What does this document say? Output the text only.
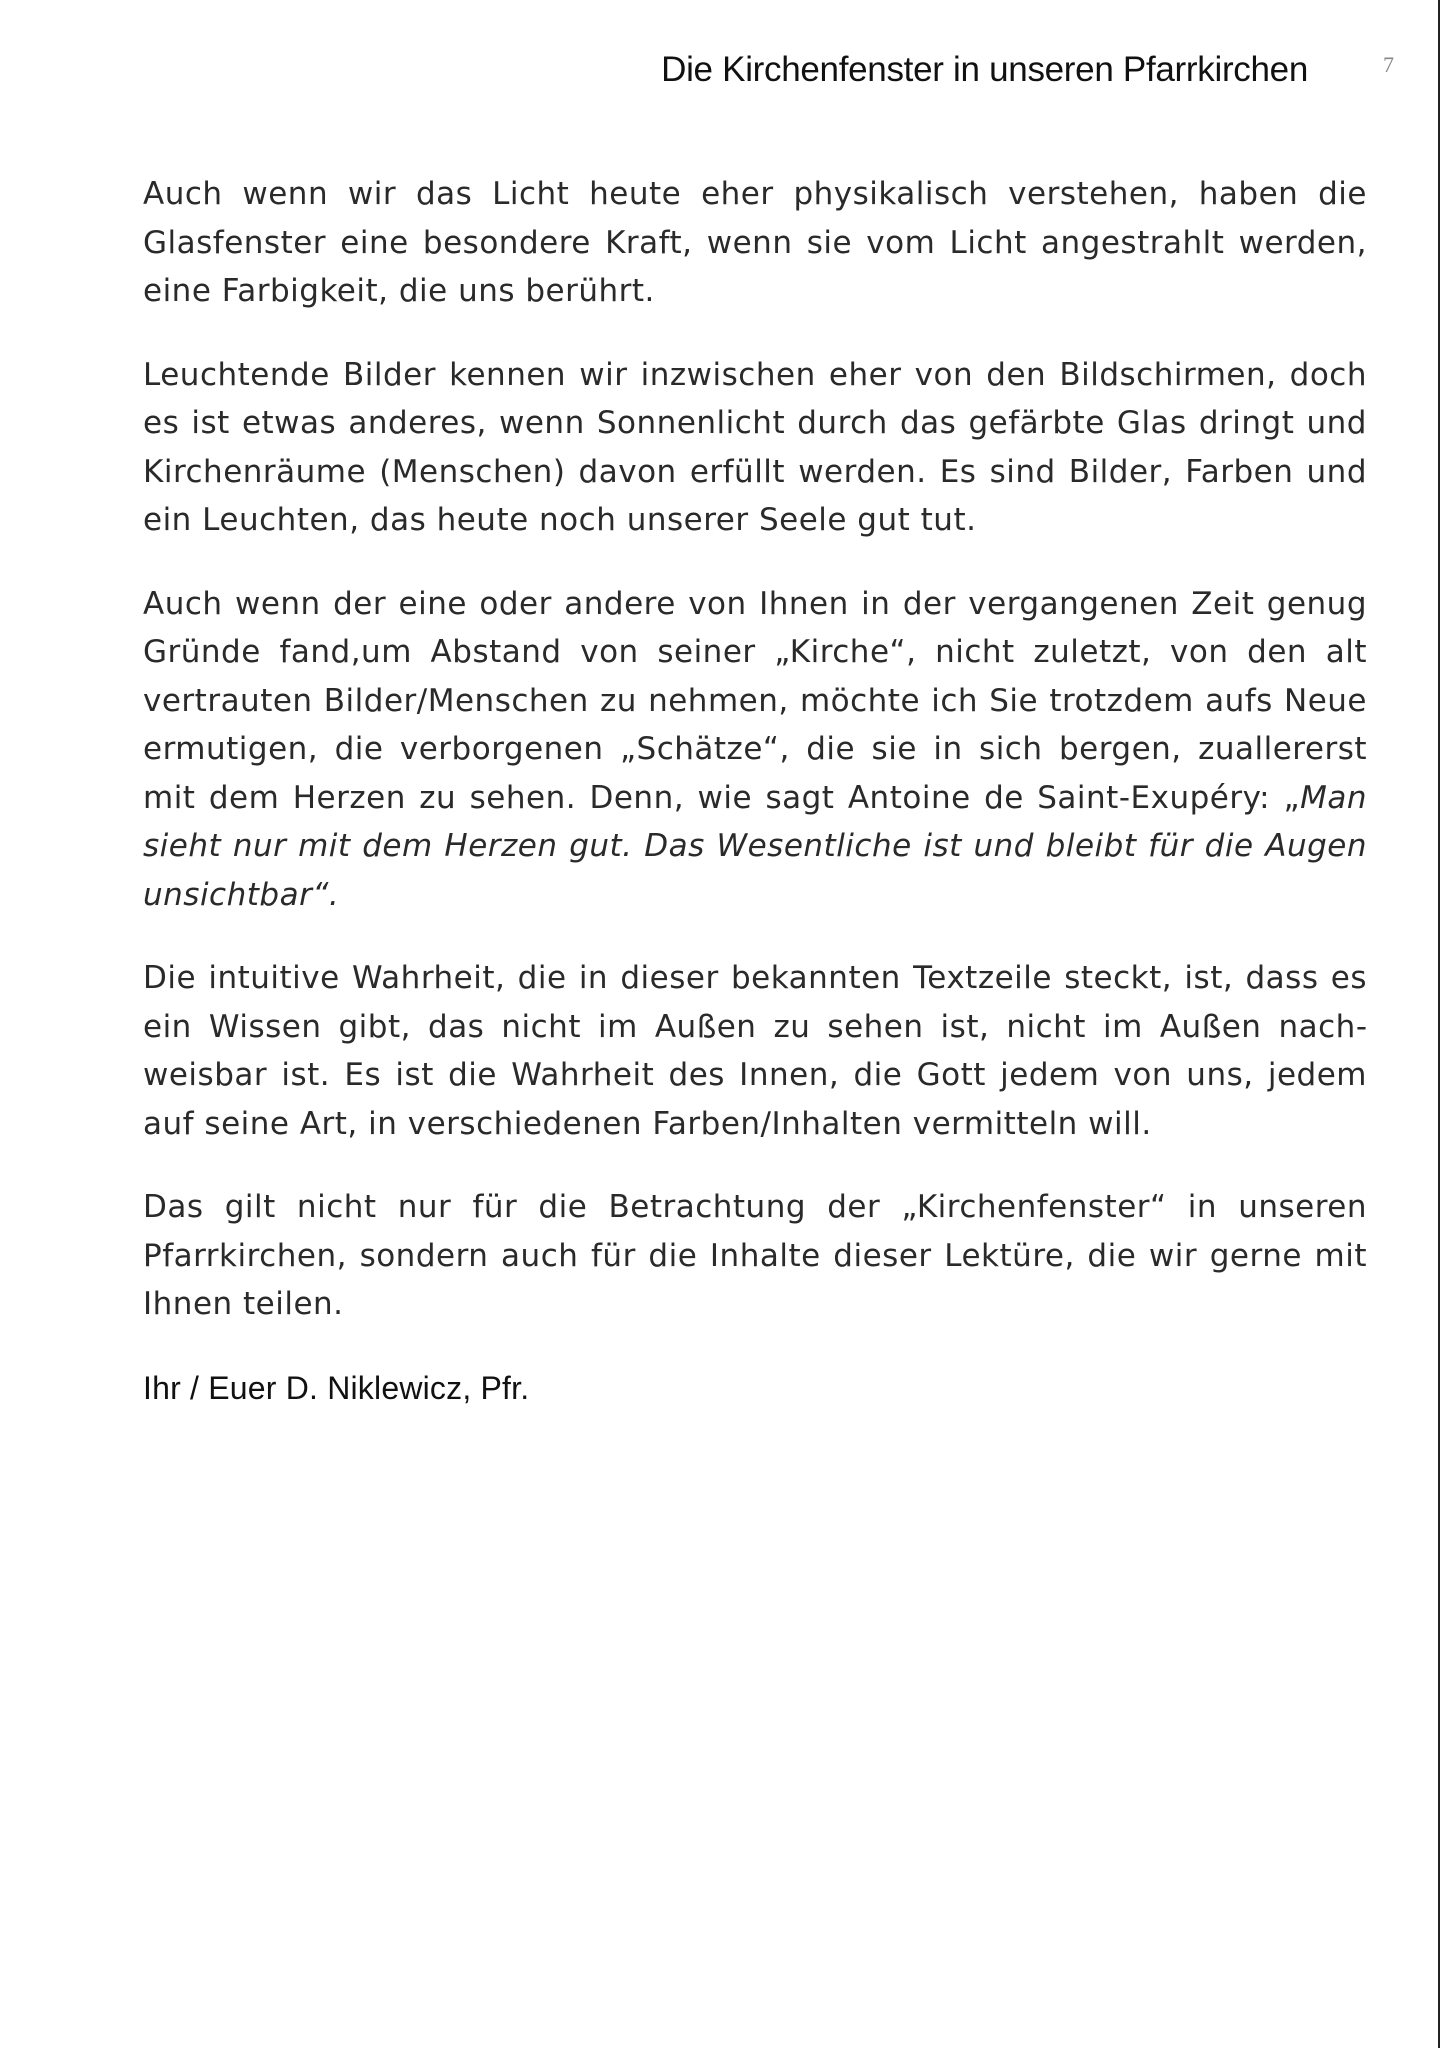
Die Kirchenfenster in unseren Pfarrkirchen	7

Auch wenn wir das Licht heute eher physikalisch verstehen, haben die Glasfenster eine besondere Kraft, wenn sie vom Licht angestrahlt werden, eine Farbigkeit, die uns berührt.

Leuchtende Bilder kennen wir inzwischen eher von den Bildschirmen, doch es ist etwas anderes, wenn Sonnenlicht durch das gefärbte Glas dringt und Kirchenräume (Menschen) davon erfüllt werden. Es sind Bilder, Farben und ein Leuchten, das heute noch unserer Seele gut tut.

Auch wenn der eine oder andere von Ihnen in der vergangenen Zeit genug Gründe fand,um Abstand von seiner „Kirche“, nicht zuletzt, von den alt vertrauten Bilder/Menschen zu nehmen, möchte ich Sie trotzdem aufs Neue ermutigen, die verborgenen „Schätze“, die sie in sich bergen, zuallererst mit dem Herzen zu sehen. Denn, wie sagt Antoine de Saint-Exupéry: „Man sieht nur mit dem Herzen gut. Das Wesentliche ist und bleibt für die Augen unsichtbar“.

Die intuitive Wahrheit, die in dieser bekannten Textzeile steckt, ist, dass es ein Wissen gibt, das nicht im Außen zu sehen ist, nicht im Außen nachweisbar ist. Es ist die Wahrheit des Innen, die Gott jedem von uns, jedem auf seine Art, in verschiedenen Farben/Inhalten vermitteln will.

Das gilt nicht nur für die Betrachtung der „Kirchenfenster“ in unseren Pfarrkirchen, sondern auch für die Inhalte dieser Lektüre, die wir gerne mit Ihnen teilen.

Ihr / Euer D. Niklewicz, Pfr.
